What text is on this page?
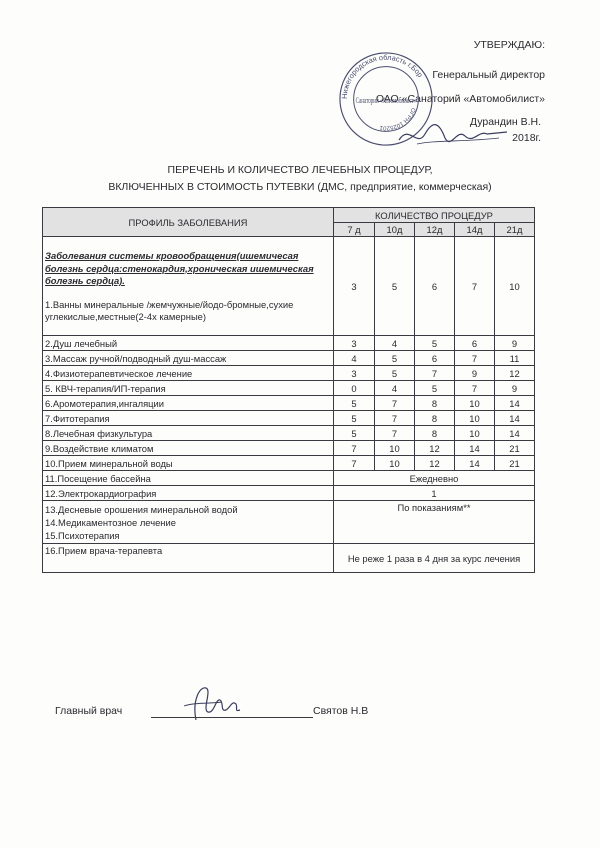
УТВЕРЖДАЮ:
Генеральный директор
ОАО «Санаторий «Автомобилист»
Дурандин В.Н.
2018г.
Нижегородская область г.Бор
ОГРН 1025201
Санаторий «Автомобилист»
ПЕРЕЧЕНЬ И КОЛИЧЕСТВО ЛЕЧЕБНЫХ ПРОЦЕДУР,
ВКЛЮЧЕННЫХ В СТОИМОСТЬ ПУТЕВКИ (ДМС, предприятие, коммерческая)
ПРОФИЛЬ ЗАБОЛЕВАНИЯ	КОЛИЧЕСТВО ПРОЦЕДУР				
	7 д	10д	12д	14д	21д

Заболевания системы кровообращения(ишемичесая болезнь сердца:стенокардия,хроническая ишемическая болезнь сердца).
1.Ванны минеральные /жемчужные/йодо-бромные,сухие углекислые,местные(2-4х камерные)	3	5	6	7	10
2.Душ лечебный	3	4	5	6	9
3.Массаж ручной/подводный душ-массаж	4	5	6	7	11
4.Физиотерапевтическое лечение	3	5	7	9	12
5. КВЧ-терапия/ИП-терапия	0	4	5	7	9
6.Аромотерапия,ингаляции	5	7	8	10	14
7.Фитотерапия	5	7	8	10	14
8.Лечебная физкультура	5	7	8	10	14
9.Воздействие климатом	7	10	12	14	21
10.Прием минеральной воды	7	10	12	14	21
11.Посещение бассейна	Ежедневно				
12.Электрокардиография	1				

13.Десневые орошения минеральной водой
14.Медикаментозное лечение
15.Психотерапия	По показаниям**				
16.Прием врача-терапевта	Не реже 1 раза в 4 дня за курс лечения				
Главный врач	Святов Н.В
